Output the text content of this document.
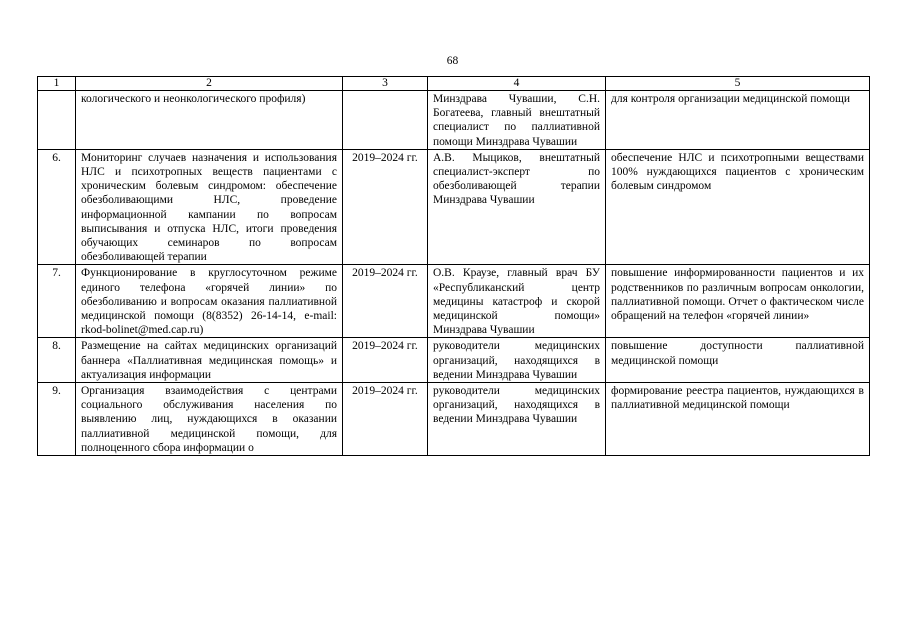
68
1	2	3	4	5
	кологического и неонкологического профиля)		Минздрава Чувашии, С.Н. Богатеева, главный внештатный специалист по паллиативной помощи Минздрава Чувашии	для контроля организации медицинской помощи
6.	Мониторинг случаев назначения и использования НЛС и психотропных веществ пациентами с хроническим болевым синдромом: обеспечение обезболивающими НЛС, проведение информационной кампании по вопросам выписывания и отпуска НЛС, итоги проведения обучающих семинаров по вопросам обезболивающей терапии	2019–2024 гг.	А.В. Мыциков, внештатный специалист-эксперт по обезболивающей терапии Минздрава Чувашии	обеспечение НЛС и психотропными веществами 100% нуждающихся пациентов с хроническим болевым синдромом
7.	Функционирование в круглосуточном режиме единого телефона «горячей линии» по обезболиванию и вопросам оказания паллиативной медицинской помощи (8(8352) 26-14-14, e-mail: rkod-bolinet@med.cap.ru)	2019–2024 гг.	О.В. Краузе, главный врач БУ «Республиканский центр медицины катастроф и скорой медицинской помощи» Минздрава Чувашии	повышение информированности пациентов и их родственников по различным вопросам онкологии, паллиативной помощи. Отчет о фактическом числе обращений на телефон «горячей линии»
8.	Размещение на сайтах медицинских организаций баннера «Паллиативная медицинская помощь» и актуализация информации	2019–2024 гг.	руководители медицинских организаций, находящихся в ведении Минздрава Чувашии	повышение доступности паллиативной медицинской помощи
9.	Организация взаимодействия с центрами социального обслуживания населения по выявлению лиц, нуждающихся в оказании паллиативной медицинской помощи, для полноценного сбора информации о	2019–2024 гг.	руководители медицинских организаций, находящихся в ведении Минздрава Чувашии	формирование реестра пациентов, нуждающихся в паллиативной медицинской помощи
